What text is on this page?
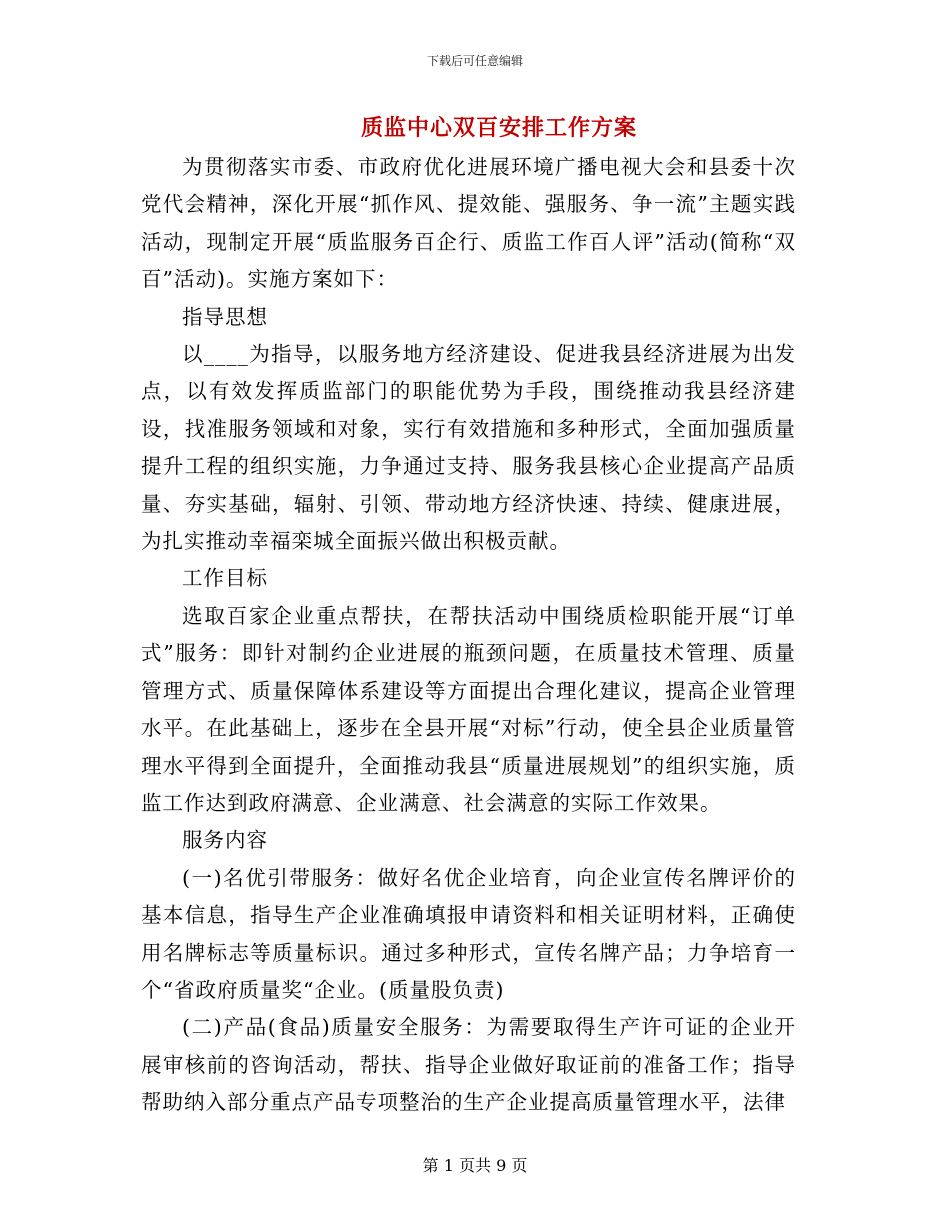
下载后可任意编辑
质监中心双百安排工作方案

为贯彻落实市委、市政府优化进展环境广播电视大会和县委十次党代会精神，深化开展“抓作风、提效能、强服务、争一流”主题实践活动，现制定开展“质监服务百企行、质监工作百人评”活动(简称“双百”活动)。实施方案如下：

指导思想

以____为指导，以服务地方经济建设、促进我县经济进展为出发点，以有效发挥质监部门的职能优势为手段，围绕推动我县经济建设，找准服务领域和对象，实行有效措施和多种形式，全面加强质量提升工程的组织实施，力争通过支持、服务我县核心企业提高产品质量、夯实基础，辐射、引领、带动地方经济快速、持续、健康进展，为扎实推动幸福栾城全面振兴做出积极贡献。

工作目标

选取百家企业重点帮扶，在帮扶活动中围绕质检职能开展“订单式”服务：即针对制约企业进展的瓶颈问题，在质量技术管理、质量管理方式、质量保障体系建设等方面提出合理化建议，提高企业管理水平。在此基础上，逐步在全县开展“对标”行动，使全县企业质量管理水平得到全面提升，全面推动我县“质量进展规划”的组织实施，质监工作达到政府满意、企业满意、社会满意的实际工作效果。

服务内容

(一)名优引带服务：做好名优企业培育，向企业宣传名牌评价的基本信息，指导生产企业准确填报申请资料和相关证明材料，正确使用名牌标志等质量标识。通过多种形式，宣传名牌产品；力争培育一个“省政府质量奖“企业。(质量股负责)

(二)产品(食品)质量安全服务：为需要取得生产许可证的企业开展审核前的咨询活动，帮扶、指导企业做好取证前的准备工作；指导帮助纳入部分重点产品专项整治的生产企业提高质量管理水平，法律

第 1 页共 9 页
